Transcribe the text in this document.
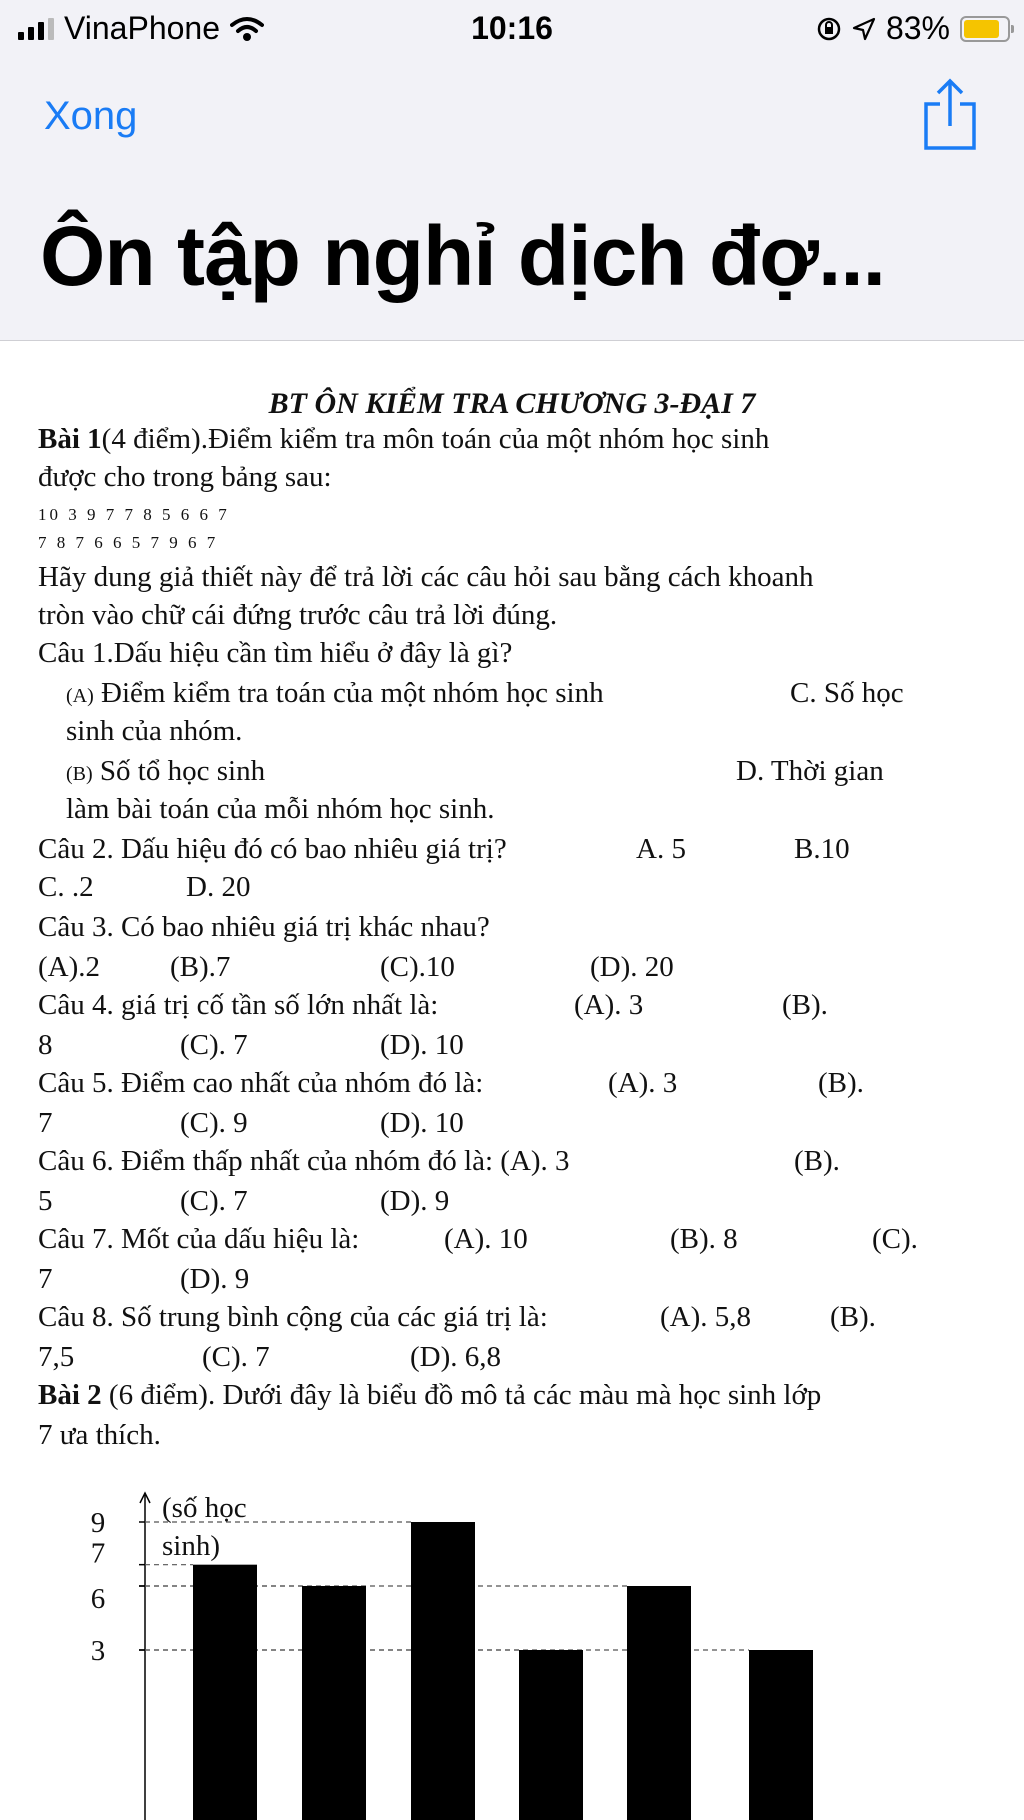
VinaPhone	10:16	83%
Xong
Ôn tập nghỉ dịch đợ...
BT ÔN KIỂM TRA CHƯƠNG 3-ĐẠI 7
Bài 1(4 điểm).Điểm kiểm tra môn toán của một nhóm học sinh
được cho trong bảng sau:
10 3 9 7 7 8 5 6 6 7
7 8 7 6 6 5 7 9 6 7
Hãy dung giả thiết này để trả lời các câu hỏi sau bằng cách khoanh
tròn vào chữ cái đứng trước câu trả lời đúng.
Câu 1.Dấu hiệu cần tìm hiểu ở đây là gì?
(A) Điểm kiểm tra toán của một nhóm học sinh	C. Số học
sinh của nhóm.
(B) Số tổ học sinh	D. Thời gian
làm bài toán của mỗi nhóm học sinh.
Câu 2. Dấu hiệu đó có bao nhiêu giá trị?	A. 5	B.10
C. .2	D. 20
Câu 3. Có bao nhiêu giá trị khác nhau?
(A).2 (B).7	(C).10	(D). 20
Câu 4. giá trị cố tần số lớn nhất là:	(A). 3	(B).
8	(C). 7	(D). 10
Câu 5. Điểm cao nhất của nhóm đó là:	(A). 3	(B).
7	(C). 9	(D). 10
Câu 6. Điểm thấp nhất của nhóm đó là: (A). 3	(B).
5	(C). 7	(D). 9
Câu 7. Mốt của dấu hiệu là:	(A). 10	(B). 8	(C).
7	(D). 9
Câu 8. Số trung bình cộng của các giá trị là:	(A). 5,8	(B).
7,5	(C). 7	(D). 6,8
Bài 2 (6 điểm). Dưới đây là biểu đồ mô tả các màu mà học sinh lớp
7 ưa thích.
(số học
sinh)
9
7
6
3
